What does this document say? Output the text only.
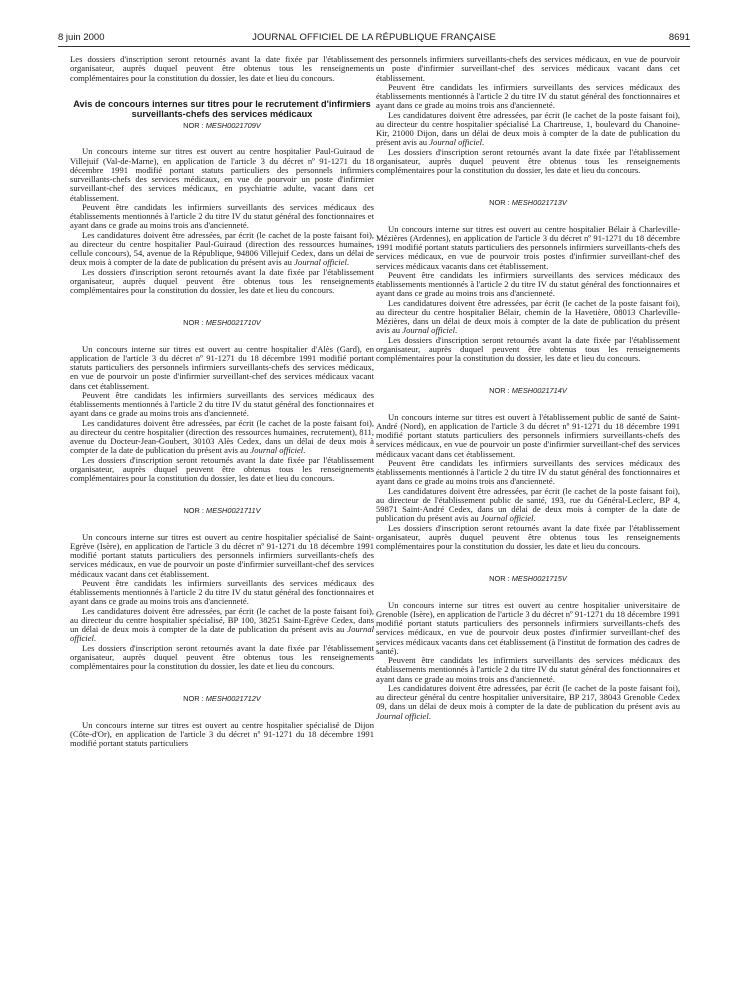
8 juin 2000	JOURNAL OFFICIEL DE LA RÉPUBLIQUE FRANÇAISE	8691

Les dossiers d'inscription seront retournés avant la date fixée par l'établissement organisateur, auprès duquel peuvent être obtenus tous les renseignements complémentaires pour la constitution du dossier, les date et lieu du concours.

Avis de concours internes sur titres pour le recrutement d'infirmiers surveillants-chefs des services médicaux
NOR : MESH0021709V

Un concours interne sur titres est ouvert au centre hospitalier Paul-Guiraud de Villejuif (Val-de-Marne), en application de l'article 3 du décret nº 91-1271 du 18 décembre 1991 modifié portant statuts particuliers des personnels infirmiers surveillants-chefs des services médicaux, en vue de pourvoir un poste d'infirmier surveillant-chef des services médicaux, en psychiatrie adulte, vacant dans cet établissement.

Peuvent être candidats les infirmiers surveillants des services médicaux des établissements mentionnés à l'article 2 du titre IV du statut général des fonctionnaires et ayant dans ce grade au moins trois ans d'ancienneté.

Les candidatures doivent être adressées, par écrit (le cachet de la poste faisant foi), au directeur du centre hospitalier Paul-Guiraud (direction des ressources humaines, cellule concours), 54, avenue de la République, 94806 Villejuif Cedex, dans un délai de deux mois à compter de la date de publication du présent avis au Journal officiel.

Les dossiers d'inscription seront retournés avant la date fixée par l'établissement organisateur, auprès duquel peuvent être obtenus tous les renseignements complémentaires pour la constitution du dossier, les date et lieu du concours.

NOR : MESH0021710V

Un concours interne sur titres est ouvert au centre hospitalier d'Alès (Gard), en application de l'article 3 du décret nº 91-1271 du 18 décembre 1991 modifié portant statuts particuliers des personnels infirmiers surveillants-chefs des services médicaux, en vue de pourvoir un poste d'infirmier surveillant-chef des services médicaux vacant dans cet établissement.

Peuvent être candidats les infirmiers surveillants des services médicaux des établissements mentionnés à l'article 2 du titre IV du statut général des fonctionnaires et ayant dans ce grade au moins trois ans d'ancienneté.

Les candidatures doivent être adressées, par écrit (le cachet de la poste faisant foi), au directeur du centre hospitalier (direction des ressources humaines, recrutement), 811, avenue du Docteur-Jean-Goubert, 30103 Alès Cedex, dans un délai de deux mois à compter de la date de publication du présent avis au Journal officiel.

Les dossiers d'inscription seront retournés avant la date fixée par l'établissement organisateur, auprès duquel peuvent être obtenus tous les renseignements complémentaires pour la constitution du dossier, les date et lieu du concours.

NOR : MESH0021711V

Un concours interne sur titres est ouvert au centre hospitalier spécialisé de Saint-Egrève (Isère), en application de l'article 3 du décret nº 91-1271 du 18 décembre 1991 modifié portant statuts particuliers des personnels infirmiers surveillants-chefs des services médicaux, en vue de pourvoir un poste d'infirmier surveillant-chef des services médicaux vacant dans cet établissement.

Peuvent être candidats les infirmiers surveillants des services médicaux des établissements mentionnés à l'article 2 du titre IV du statut général des fonctionnaires et ayant dans ce grade au moins trois ans d'ancienneté.

Les candidatures doivent être adressées, par écrit (le cachet de la poste faisant foi), au directeur du centre hospitalier spécialisé, BP 100, 38251 Saint-Egrève Cedex, dans un délai de deux mois à compter de la date de publication du présent avis au Journal officiel.

Les dossiers d'inscription seront retournés avant la date fixée par l'établissement organisateur, auprès duquel peuvent être obtenus tous les renseignements complémentaires pour la constitution du dossier, les date et lieu du concours.

NOR : MESH0021712V

Un concours interne sur titres est ouvert au centre hospitalier spécialisé de Dijon (Côte-d'Or), en application de l'article 3 du décret nº 91-1271 du 18 décembre 1991 modifié portant statuts particuliers

des personnels infirmiers surveillants-chefs des services médicaux, en vue de pourvoir un poste d'infirmier surveillant-chef des services médicaux vacant dans cet établissement.

Peuvent être candidats les infirmiers surveillants des services médicaux des établissements mentionnés à l'article 2 du titre IV du statut général des fonctionnaires et ayant dans ce grade au moins trois ans d'ancienneté.

Les candidatures doivent être adressées, par écrit (le cachet de la poste faisant foi), au directeur du centre hospitalier spécialisé La Chartreuse, 1, boulevard du Chanoine-Kir, 21000 Dijon, dans un délai de deux mois à compter de la date de publication du présent avis au Journal officiel.

Les dossiers d'inscription seront retournés avant la date fixée par l'établissement organisateur, auprès duquel peuvent être obtenus tous les renseignements complémentaires pour la constitution du dossier, les date et lieu du concours.

NOR : MESH0021713V

Un concours interne sur titres est ouvert au centre hospitalier Bélair à Charleville-Mézières (Ardennes), en application de l'article 3 du décret nº 91-1271 du 18 décembre 1991 modifié portant statuts particuliers des personnels infirmiers surveillants-chefs des services médicaux, en vue de pourvoir trois postes d'infirmier surveillant-chef des services médicaux vacants dans cet établissement.

Peuvent être candidats les infirmiers surveillants des services médicaux des établissements mentionnés à l'article 2 du titre IV du statut général des fonctionnaires et ayant dans ce grade au moins trois ans d'ancienneté.

Les candidatures doivent être adressées, par écrit (le cachet de la poste faisant foi), au directeur du centre hospitalier Bélair, chemin de la Havetière, 08013 Charleville-Mézières, dans un délai de deux mois à compter de la date de publication du présent avis au Journal officiel.

Les dossiers d'inscription seront retournés avant la date fixée par l'établissement organisateur, auprès duquel peuvent être obtenus tous les renseignements complémentaires pour la constitution du dossier, les date et lieu du concours.

NOR : MESH0021714V

Un concours interne sur titres est ouvert à l'établissement public de santé de Saint-André (Nord), en application de l'article 3 du décret nº 91-1271 du 18 décembre 1991 modifié portant statuts particuliers des personnels infirmiers surveillants-chefs des services médicaux, en vue de pourvoir un poste d'infirmier surveillant-chef des services médicaux vacant dans cet établissement.

Peuvent être candidats les infirmiers surveillants des services médicaux des établissements mentionnés à l'article 2 du titre IV du statut général des fonctionnaires et ayant dans ce grade au moins trois ans d'ancienneté.

Les candidatures doivent être adressées, par écrit (le cachet de la poste faisant foi), au directeur de l'établissement public de santé, 193, rue du Général-Leclerc, BP 4, 59871 Saint-André Cedex, dans un délai de deux mois à compter de la date de publication du présent avis au Journal officiel.

Les dossiers d'inscription seront retournés avant la date fixée par l'établissement organisateur, auprès duquel peuvent être obtenus tous les renseignements complémentaires pour la constitution du dossier, les date et lieu du concours.

NOR : MESH0021715V

Un concours interne sur titres est ouvert au centre hospitalier universitaire de Grenoble (Isère), en application de l'article 3 du décret nº 91-1271 du 18 décembre 1991 modifié portant statuts particuliers des personnels infirmiers surveillants-chefs des services médicaux, en vue de pourvoir deux postes d'infirmier surveillant-chef des services médicaux vacants dans cet établissement (à l'institut de formation des cadres de santé).

Peuvent être candidats les infirmiers surveillants des services médicaux des établissements mentionnés à l'article 2 du titre IV du statut général des fonctionnaires et ayant dans ce grade au moins trois ans d'ancienneté.

Les candidatures doivent être adressées, par écrit (le cachet de la poste faisant foi), au directeur général du centre hospitalier universitaire, BP 217, 38043 Grenoble Cedex 09, dans un délai de deux mois à compter de la date de publication du présent avis au Journal officiel.
